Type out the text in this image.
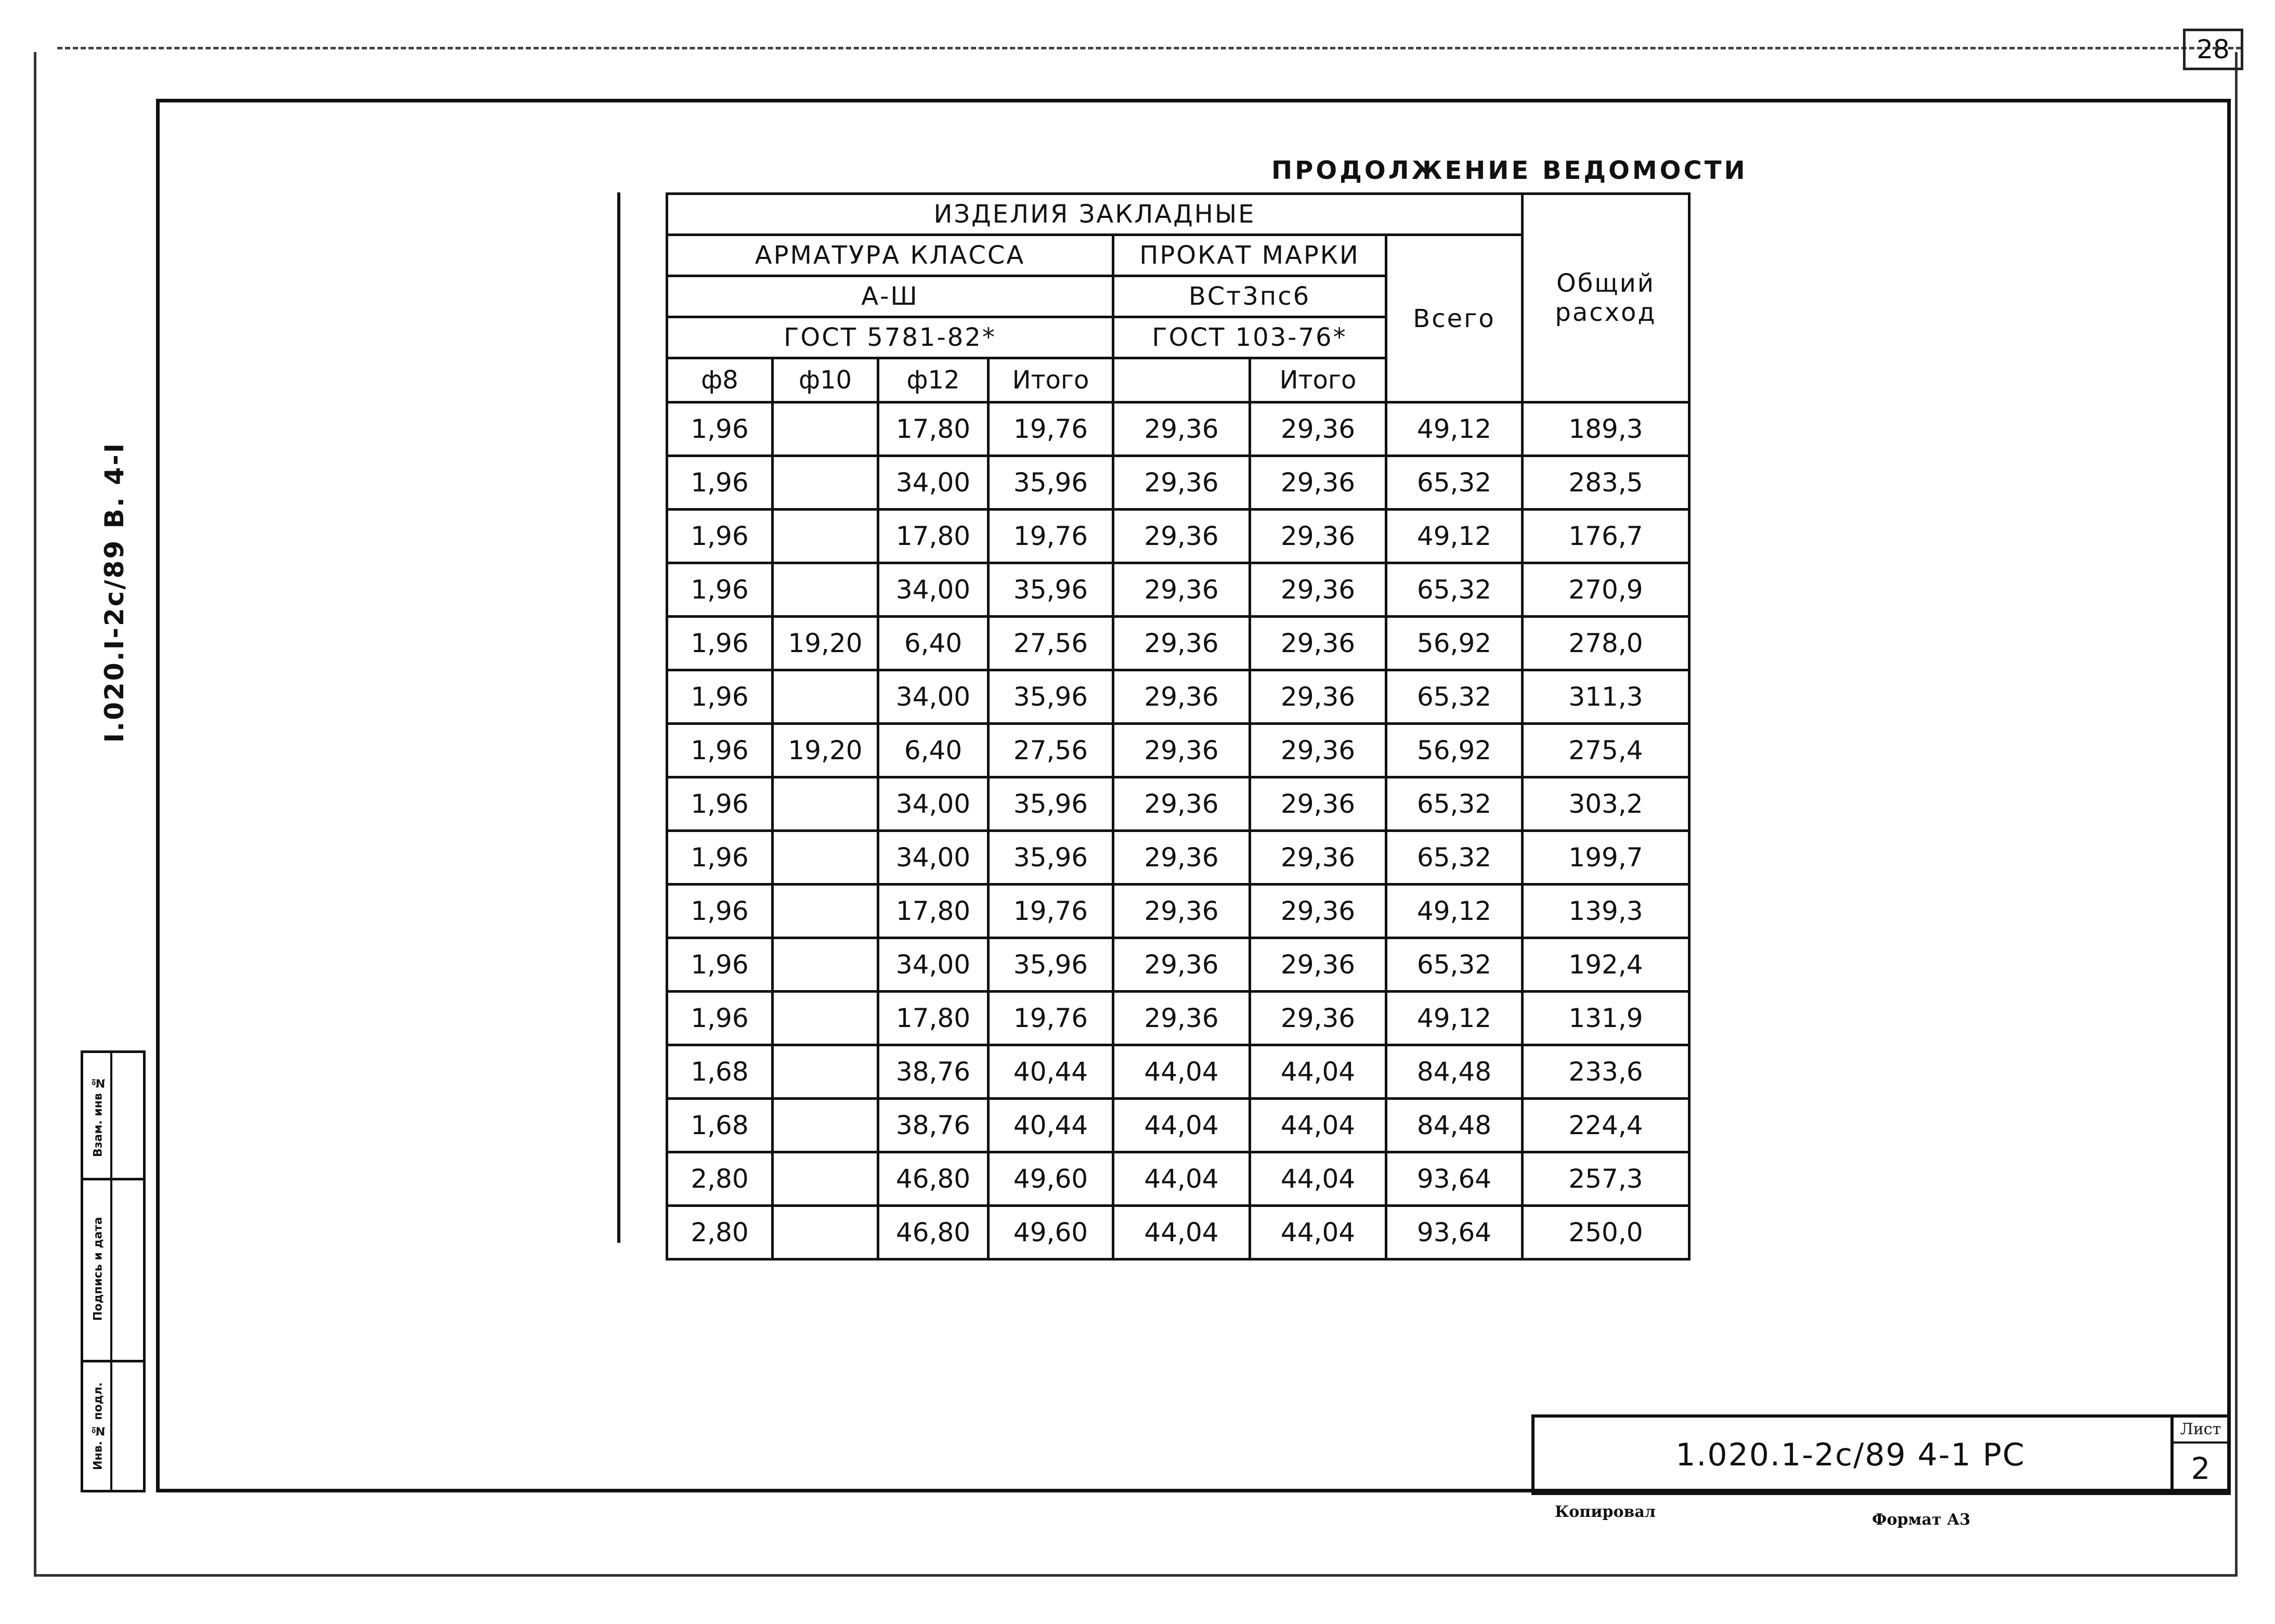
28
I.020.I-2c/89 В. 4-I
Взам. инв №
Подпись и дата
Инв. № подл.
ПРОДОЛЖЕНИЕ ВЕДОМОСТИ
ИЗДЕЛИЯ ЗАКЛАДНЫЕ							Общий расход
АРМАТУРА КЛАССА				ПРОКАТ МАРКИ		Всего	
А-Ш				ВСт3пс6			
ГОСТ 5781-82*				ГОСТ 103-76*			
ф8	ф10	ф12	Итого		Итого		
1,96		17,80	19,76	29,36	29,36	49,12	189,3
1,96		34,00	35,96	29,36	29,36	65,32	283,5
1,96		17,80	19,76	29,36	29,36	49,12	176,7
1,96		34,00	35,96	29,36	29,36	65,32	270,9
1,96	19,20	6,40	27,56	29,36	29,36	56,92	278,0
1,96		34,00	35,96	29,36	29,36	65,32	311,3
1,96	19,20	6,40	27,56	29,36	29,36	56,92	275,4
1,96		34,00	35,96	29,36	29,36	65,32	303,2
1,96		34,00	35,96	29,36	29,36	65,32	199,7
1,96		17,80	19,76	29,36	29,36	49,12	139,3
1,96		34,00	35,96	29,36	29,36	65,32	192,4
1,96		17,80	19,76	29,36	29,36	49,12	131,9
1,68		38,76	40,44	44,04	44,04	84,48	233,6
1,68		38,76	40,44	44,04	44,04	84,48	224,4
2,80		46,80	49,60	44,04	44,04	93,64	257,3
2,80		46,80	49,60	44,04	44,04	93,64	250,0
1.020.1-2с/89 4-1 РС
Лист
2
Копировал	Формат А3
